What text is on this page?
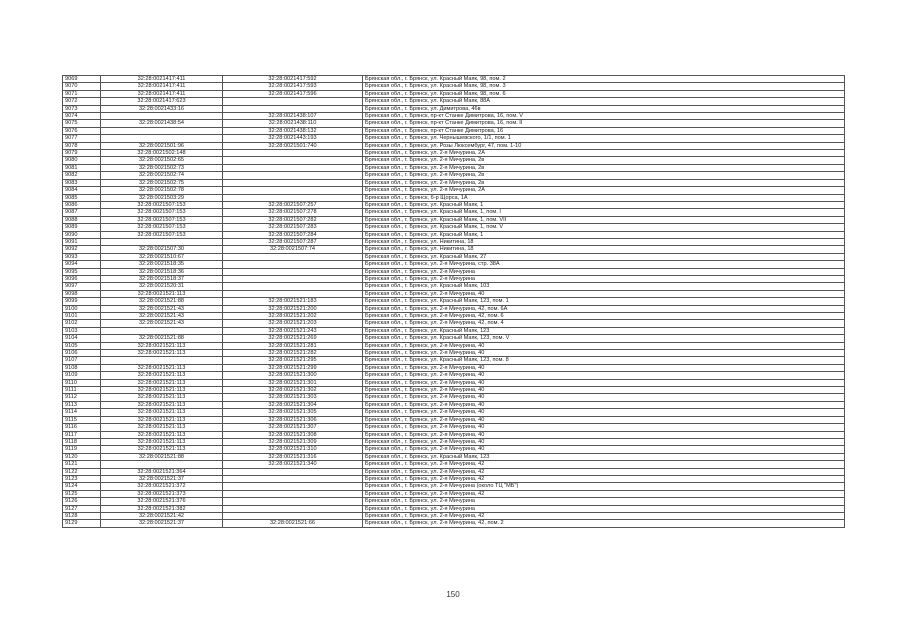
9069	32:28:0021417:411	32:28:0021417:592	Брянская обл., г. Брянск, ул. Красный Маяк, 98, пом. 2
9070	32:28:0021417:411	32:28:0021417:593	Брянская обл., г. Брянск, ул. Красный Маяк, 98, пом. 3
9071	32:28:0021417:411	32:28:0021417:596	Брянская обл., г. Брянск, ул. Красный Маяк, 98, пом. 6
9072	32:28:0021417:623		Брянская обл., г. Брянск, ул. Красный Маяк, 88А
9073	32:28:0021433:16		Брянская обл., г. Брянск, ул. Димитрова, 46в
9074		32:28:0021438:107	Брянская обл., г. Брянск, пр-кт Станке Димитрова, 16, пом. V
9075	32:28:0021438:54	32:28:0021438:110	Брянская обл., г. Брянск, пр-кт Станке Димитрова, 16, пом. II
9076		32:28:0021438:132	Брянская обл., г. Брянск, пр-кт Станке Димитрова, 16
9077		32:28:0021443:193	Брянская обл., г. Брянск, ул. Чернышевского, 1/1, пом. 1
9078	32:28:0021501:96	32:28:0021501:740	Брянская обл., г. Брянск, ул. Розы Люксембург, 47, пом. 1-10
9079	32:28:0021502:148		Брянская обл., г. Брянск, ул. 2-я Мичурина, 2А
9080	32:28:0021502:65		Брянская обл., г. Брянск, ул. 2-я Мичурина, 2в
9081	32:28:0021502:73		Брянская обл., г. Брянск, ул. 2-я Мичурина, 2в
9082	32:28:0021502:74		Брянская обл., г. Брянск, ул. 2-я Мичурина, 2в
9083	32:28:0021502:75		Брянская обл., г. Брянск, ул. 2-я Мичурина, 2в
9084	32:28:0021502:78		Брянская обл., г. Брянск, ул. 2-я Мичурина, 2А
9085	32:28:0021503:29		Брянская обл., г. Брянск, б-р Щорса, 1А
9086	32:28:0021507:153	32:28:0021507:257	Брянская обл., г. Брянск, ул. Красный Маяк, 1
9087	32:28:0021507:153	32:28:0021507:278	Брянская обл., г. Брянск, ул. Красный Маяк, 1, пом. I
9088	32:28:0021507:153	32:28:0021507:282	Брянская обл., г. Брянск, ул. Красный Маяк, 1, пом. VII
9089	32:28:0021507:153	32:28:0021507:283	Брянская обл., г. Брянск, ул. Красный Маяк, 1, пом. V
9090	32:28:0021507:153	32:28:0021507:284	Брянская обл., г. Брянск, ул. Красный Маяк, 1
9091		32:28:0021507:287	Брянская обл., г. Брянск, ул. Никитина, 18
9092	32:28:0021507:30	32:28:0021507:74	Брянская обл., г. Брянск, ул. Никитина, 18
9093	32:28:0021510:67		Брянская обл., г. Брянск, ул. Красный Маяк, 27
9094	32:28:0021518:35		Брянская обл., г. Брянск, ул. 2-я Мичурина, стр. 38А
9095	32:28:0021518:36		Брянская обл., г. Брянск, ул. 2-я Мичурина
9096	32:28:0021518:37		Брянская обл., г. Брянск, ул. 2-я Мичурина
9097	32:28:0021520:31		Брянская обл., г. Брянск, ул. Красный Маяк, 103
9098	32:28:0021521:113		Брянская обл., г. Брянск, ул. 2-я Мичурина, 40
9099	32:28:0021521:88	32:28:0021521:183	Брянская обл., г. Брянск, ул. Красный Маяк, 123, пом. 1
9100	32:28:0021521:43	32:28:0021521:200	Брянская обл., г. Брянск, ул. 2-я Мичурина, 42, пом. 6А
9101	32:28:0021521:43	32:28:0021521:202	Брянская обл., г. Брянск, ул. 2-я Мичурина, 42, пом. 6
9102	32:28:0021521:43	32:28:0021521:203	Брянская обл., г. Брянск, ул. 2-я Мичурина, 42, пом. 4
9103		32:28:0021521:243	Брянская обл., г. Брянск, ул. Красный Маяк, 123
9104	32:28:0021521:88	32:28:0021521:269	Брянская обл., г. Брянск, ул. Красный Маяк, 123, пом. V
9105	32:28:0021521:113	32:28:0021521:281	Брянская обл., г. Брянск, ул. 2-я Мичурина, 40
9106	32:28:0021521:113	32:28:0021521:282	Брянская обл., г. Брянск, ул. 2-я Мичурина, 40
9107		32:28:0021521:295	Брянская обл., г. Брянск, ул. Красный Маяк, 123, пом. 8
9108	32:28:0021521:113	32:28:0021521:299	Брянская обл., г. Брянск, ул. 2-я Мичурина, 40
9109	32:28:0021521:113	32:28:0021521:300	Брянская обл., г. Брянск, ул. 2-я Мичурина, 40
9110	32:28:0021521:113	32:28:0021521:301	Брянская обл., г. Брянск, ул. 2-я Мичурина, 40
9111	32:28:0021521:113	32:28:0021521:302	Брянская обл., г. Брянск, ул. 2-я Мичурина, 40
9112	32:28:0021521:113	32:28:0021521:303	Брянская обл., г. Брянск, ул. 2-я Мичурина, 40
9113	32:28:0021521:113	32:28:0021521:304	Брянская обл., г. Брянск, ул. 2-я Мичурина, 40
9114	32:28:0021521:113	32:28:0021521:305	Брянская обл., г. Брянск, ул. 2-я Мичурина, 40
9115	32:28:0021521:113	32:28:0021521:306	Брянская обл., г. Брянск, ул. 2-я Мичурина, 40
9116	32:28:0021521:113	32:28:0021521:307	Брянская обл., г. Брянск, ул. 2-я Мичурина, 40
9117	32:28:0021521:113	32:28:0021521:308	Брянская обл., г. Брянск, ул. 2-я Мичурина, 40
9118	32:28:0021521:113	32:28:0021521:309	Брянская обл., г. Брянск, ул. 2-я Мичурина, 40
9119	32:28:0021521:113	32:28:0021521:310	Брянская обл., г. Брянск, ул. 2-я Мичурина, 40
9120	32:28:0021521:88	32:28:0021521:316	Брянская обл., г. Брянск, ул. Красный Маяк, 123
9121		32:28:0021521:340	Брянская обл., г. Брянск, ул. 2-я Мичурина, 42
9122	32:28:0021521:364		Брянская обл., г. Брянск, ул. 2-я Мичурина, 42
9123	32:28:0021521:37		Брянская обл., г. Брянск, ул. 2-я Мичурина, 42
9124	32:28:0021521:372		Брянская обл., г. Брянск, ул. 2-я Мичурина (около ТЦ "МБ")
9125	32:28:0021521:373		Брянская обл., г. Брянск, ул. 2-я Мичурина, 42
9126	32:28:0021521:376		Брянская обл., г. Брянск, ул. 2-я Мичурина
9127	32:28:0021521:382		Брянская обл., г. Брянск, ул. 2-я Мичурина
9128	32:28:0021521:42		Брянская обл., г. Брянск, ул. 2-я Мичурина, 42
9129	32:28:0021521:37	32:28:0021521:66	Брянская обл., г. Брянск, ул. 2-я Мичурина, 42, пом. 2
150
